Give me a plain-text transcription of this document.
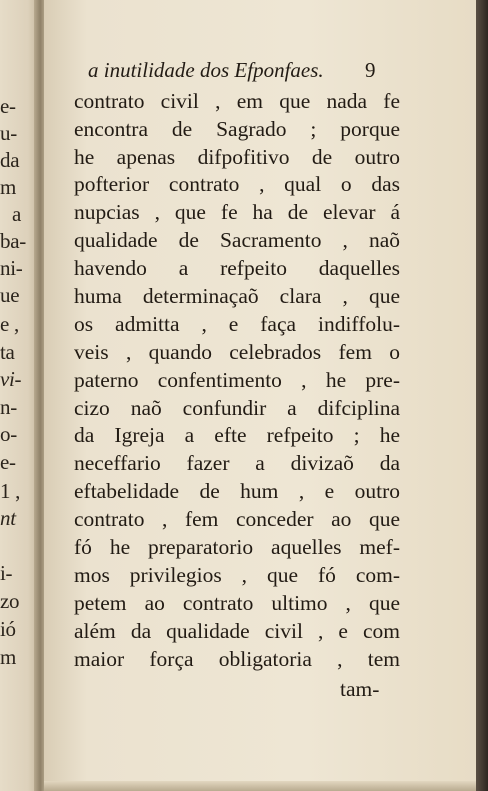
e-
u-
da
m
a
ba-
ni-
ue
e ,
ta
vi-
n-
o-
e-
1 ,
nt
i-
zo
ió
m
a inutilidade dos Efponfaes. 9
contrato civil , em que nada fe
encontra de Sagrado ; porque
he apenas difpofitivo de outro
pofterior contrato , qual o das
nupcias , que fe ha de elevar á
qualidade de Sacramento , naõ
havendo a refpeito daquelles
huma determinaçaõ clara , que
os admitta , e faça indiffolu-
veis , quando celebrados fem o
paterno confentimento , he pre-
cizo naõ confundir a difciplina
da Igreja a efte refpeito ; he
neceffario fazer a divizaõ da
eftabelidade de hum , e outro
contrato , fem conceder ao que
fó he preparatorio aquelles mef-
mos privilegios , que fó com-
petem ao contrato ultimo , que
além da qualidade civil , e com
maior força obligatoria , tem
tam-
